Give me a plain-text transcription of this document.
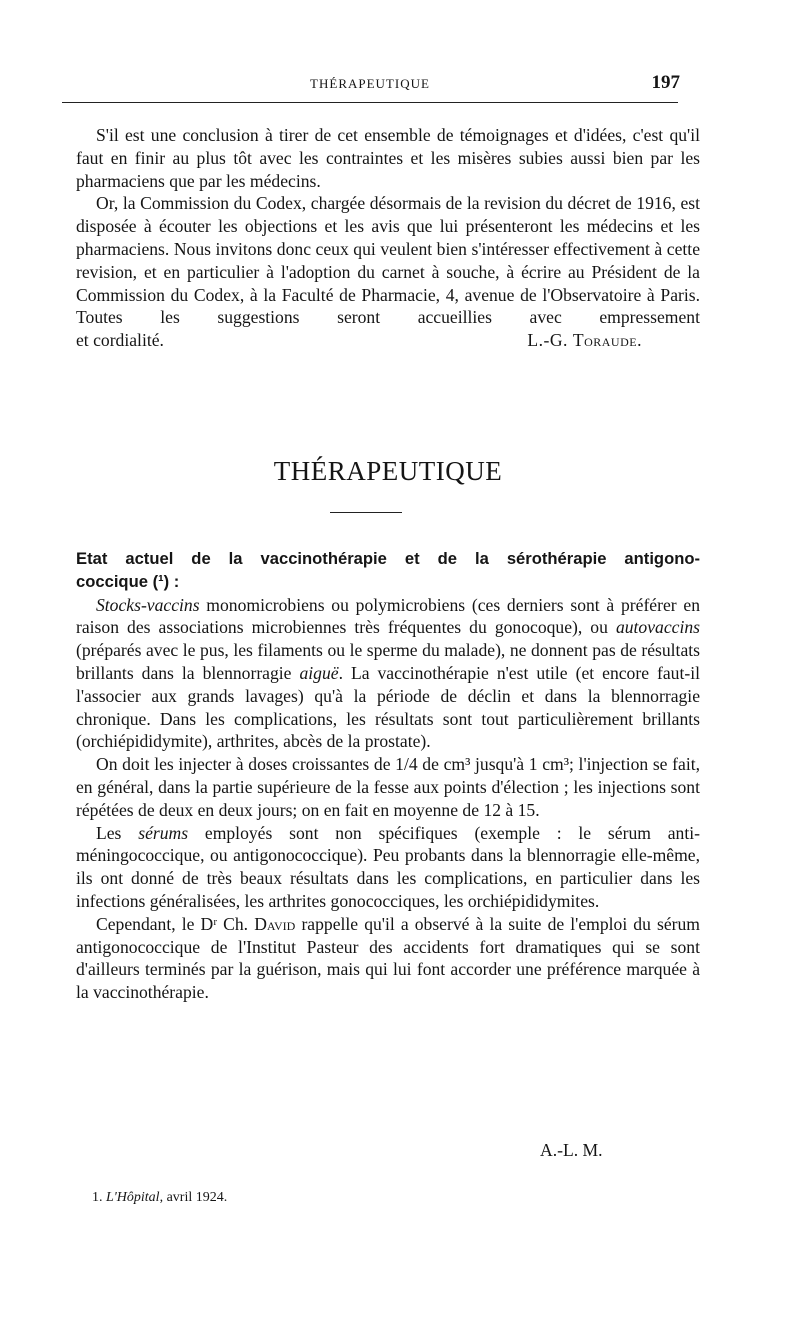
THÉRAPEUTIQUE	197

S'il est une conclusion à tirer de cet ensemble de témoignages et d'idées, c'est qu'il faut en finir au plus tôt avec les contraintes et les misères subies aussi bien par les pharmaciens que par les médecins.

Or, la Commission du Codex, chargée désormais de la revision du décret de 1916, est disposée à écouter les objections et les avis que lui présenteront les médecins et les pharmaciens. Nous invitons donc ceux qui veulent bien s'intéresser effectivement à cette revision, et en particulier à l'adoption du carnet à souche, à écrire au Président de la Commission du Codex, à la Faculté de Pharmacie, 4, avenue de l'Observatoire à Paris. Toutes les suggestions seront accueillies avec empressement

et cordialité.	L.-G. Toraude.
THÉRAPEUTIQUE

Etat actuel de la vaccinothérapie et de la sérothérapie antigono-

coccique (¹) :

Stocks-vaccins monomicrobiens ou polymicrobiens (ces derniers sont à préférer en raison des associations microbiennes très fréquentes du gonocoque), ou autovaccins (préparés avec le pus, les filaments ou le sperme du malade), ne donnent pas de résultats brillants dans la blennorragie aiguë. La vaccinothérapie n'est utile (et encore faut-il l'associer aux grands lavages) qu'à la période de déclin et dans la blennorragie chronique. Dans les complications, les résultats sont tout particulièrement brillants (orchiépididymite), arthrites, abcès de la prostate).

On doit les injecter à doses croissantes de 1/4 de cm³ jusqu'à 1 cm³; l'injection se fait, en général, dans la partie supérieure de la fesse aux points d'élection ; les injections sont répétées de deux en deux jours; on en fait en moyenne de 12 à 15.

Les sérums employés sont non spécifiques (exemple : le sérum anti-méningococcique, ou antigonococcique). Peu probants dans la blennorragie elle-même, ils ont donné de très beaux résultats dans les complications, en particulier dans les infections généralisées, les arthrites gonococciques, les orchiépididymites.

Cependant, le Dʳ Ch. David rappelle qu'il a observé à la suite de l'emploi du sérum antigonococcique de l'Institut Pasteur des accidents fort dramatiques qui se sont d'ailleurs terminés par la guérison, mais qui lui font accorder une préférence marquée à la vaccinothérapie.

A.-L. M.
1. L'Hôpital, avril 1924.
